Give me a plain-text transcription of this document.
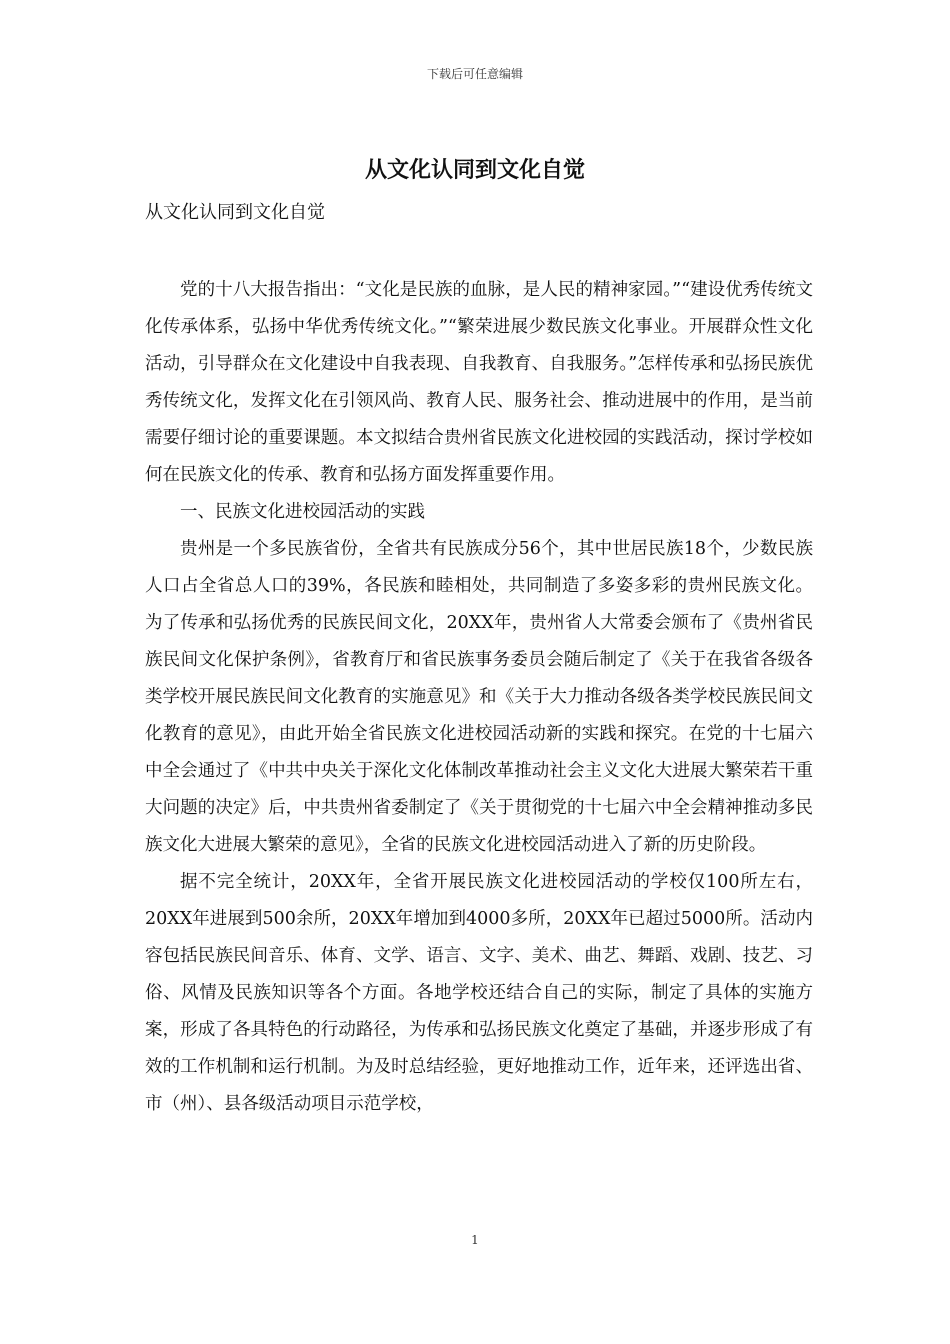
下载后可任意编辑
从文化认同到文化自觉

从文化认同到文化自觉

党的十八大报告指出：“文化是民族的血脉，是人民的精神家园。”“建设优秀传统文化传承体系，弘扬中华优秀传统文化。”“繁荣进展少数民族文化事业。开展群众性文化活动，引导群众在文化建设中自我表现、自我教育、自我服务。”怎样传承和弘扬民族优秀传统文化，发挥文化在引领风尚、教育人民、服务社会、推动进展中的作用，是当前需要仔细讨论的重要课题。本文拟结合贵州省民族文化进校园的实践活动，探讨学校如何在民族文化的传承、教育和弘扬方面发挥重要作用。

一、民族文化进校园活动的实践

贵州是一个多民族省份，全省共有民族成分56个，其中世居民族18个，少数民族人口占全省总人口的39%，各民族和睦相处，共同制造了多姿多彩的贵州民族文化。为了传承和弘扬优秀的民族民间文化，20XX年，贵州省人大常委会颁布了《贵州省民族民间文化保护条例》，省教育厅和省民族事务委员会随后制定了《关于在我省各级各类学校开展民族民间文化教育的实施意见》和《关于大力推动各级各类学校民族民间文化教育的意见》，由此开始全省民族文化进校园活动新的实践和探究。在党的十七届六中全会通过了《中共中央关于深化文化体制改革推动社会主义文化大进展大繁荣若干重大问题的决定》后，中共贵州省委制定了《关于贯彻党的十七届六中全会精神推动多民族文化大进展大繁荣的意见》，全省的民族文化进校园活动进入了新的历史阶段。

据不完全统计，20XX年，全省开展民族文化进校园活动的学校仅100所左右，20XX年进展到500余所，20XX年增加到4000多所，20XX年已超过5000所。活动内容包括民族民间音乐、体育、文学、语言、文字、美术、曲艺、舞蹈、戏剧、技艺、习俗、风情及民族知识等各个方面。各地学校还结合自己的实际，制定了具体的实施方案，形成了各具特色的行动路径，为传承和弘扬民族文化奠定了基础，并逐步形成了有效的工作机制和运行机制。为及时总结经验，更好地推动工作，近年来，还评选出省、市（州）、县各级活动项目示范学校，

1
